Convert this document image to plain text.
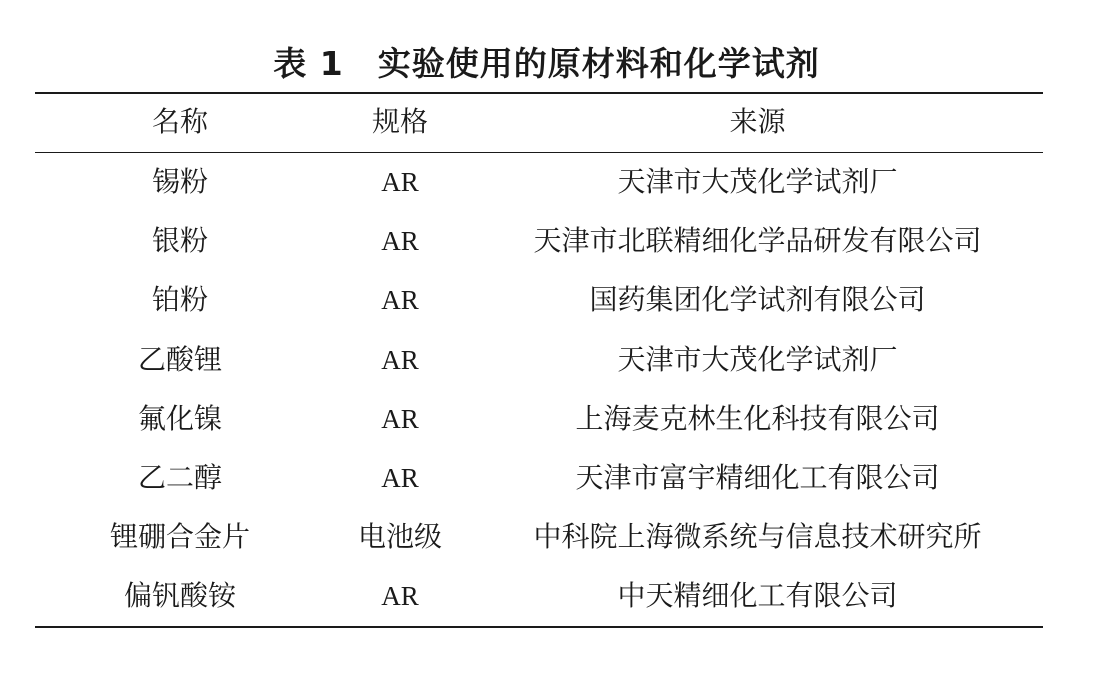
表 1 实验使用的原材料和化学试剂
名称	规格	来源
锡粉	AR	天津市大茂化学试剂厂
银粉	AR	天津市北联精细化学品研发有限公司
铂粉	AR	国药集团化学试剂有限公司
乙酸锂	AR	天津市大茂化学试剂厂
氟化镍	AR	上海麦克林生化科技有限公司
乙二醇	AR	天津市富宇精细化工有限公司
锂硼合金片	电池级	中科院上海微系统与信息技术研究所
偏钒酸铵	AR	中天精细化工有限公司
